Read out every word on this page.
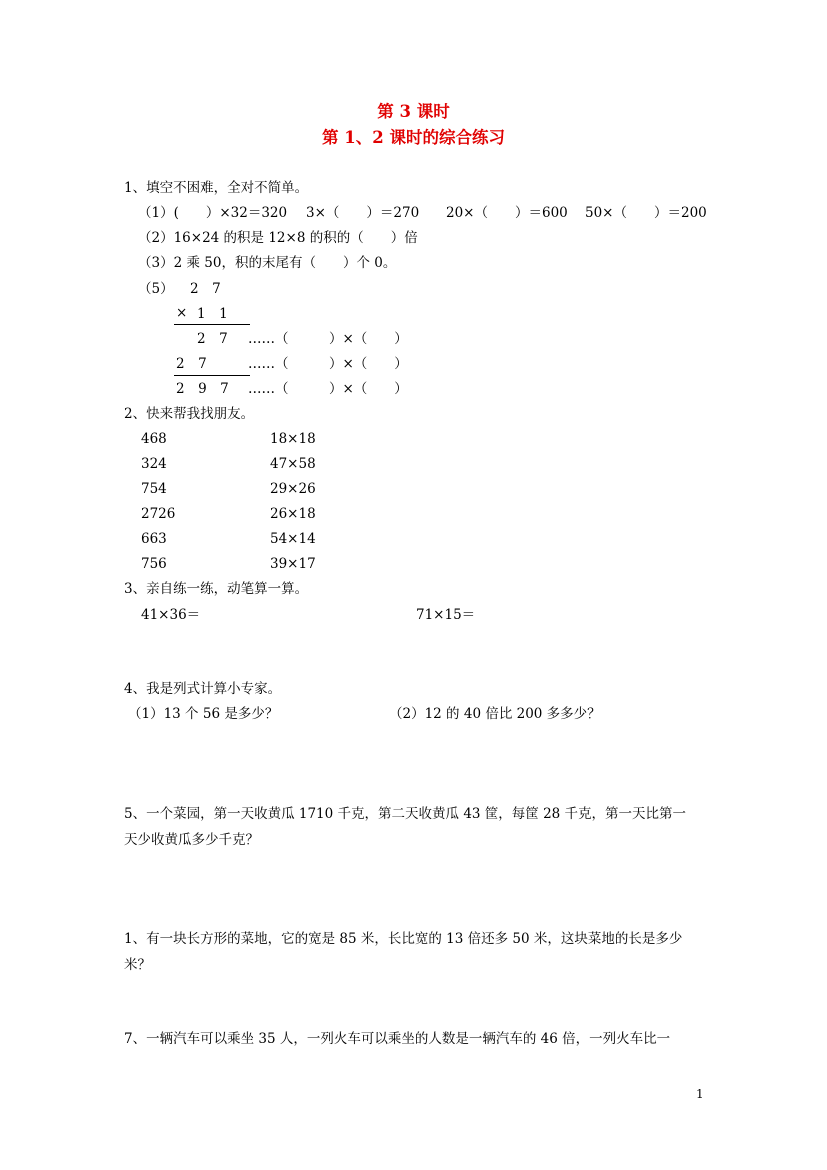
第 3 课时
第 1、2 课时的综合练习
1、填空不困难，全对不简单。
（1）(　　）×32＝320 3×（　　）＝270 20×（　　）＝600 50×（　　）＝200
（2）16×24 的积是 12×8 的积的（　　）倍
（3）2 乘 50，积的末尾有（　　）个 0。
（5） 2　7
× 1　1
2　7 ……（　　　）×（　　）
2　7	……（　　　）×（　　）
2　9　7 ……（　　　）×（　　）
2、快来帮我找朋友。
468	18×18
324	47×58
754	29×26
2726	26×18
663	54×14
756	39×17
3、亲自练一练，动笔算一算。
41×36＝	71×15＝
4、我是列式计算小专家。
（1）13 个 56 是多少？	（2）12 的 40 倍比 200 多多少？
5、一个菜园，第一天收黄瓜 1710 千克，第二天收黄瓜 43 筐，每筐 28 千克，第一天比第一
天少收黄瓜多少千克？
1、有一块长方形的菜地，它的宽是 85 米，长比宽的 13 倍还多 50 米，这块菜地的长是多少
米？
7、一辆汽车可以乘坐 35 人，一列火车可以乘坐的人数是一辆汽车的 46 倍，一列火车比一
1
